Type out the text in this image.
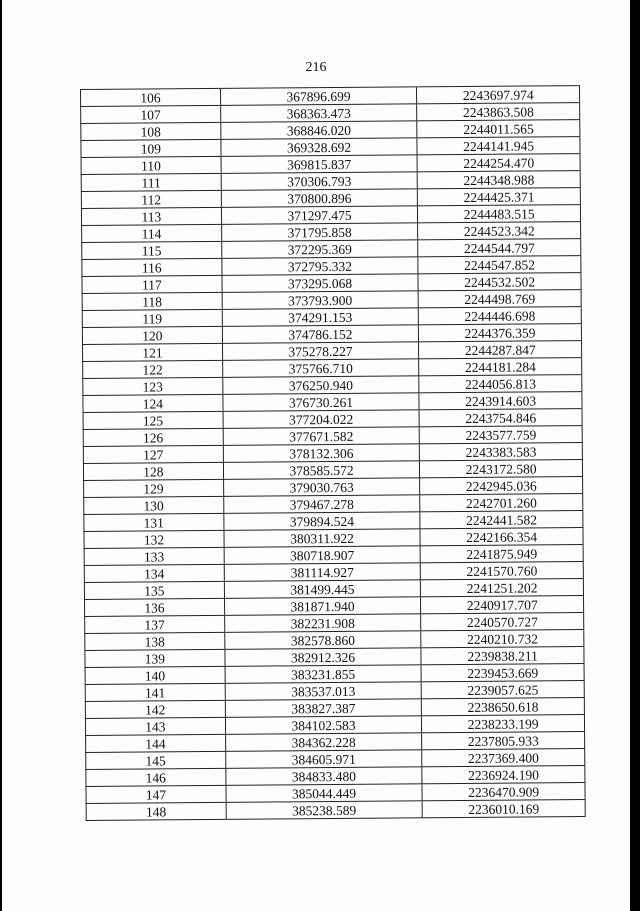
216
106	367896.699	2243697.974
107	368363.473	2243863.508
108	368846.020	2244011.565
109	369328.692	2244141.945
110	369815.837	2244254.470
111	370306.793	2244348.988
112	370800.896	2244425.371
113	371297.475	2244483.515
114	371795.858	2244523.342
115	372295.369	2244544.797
116	372795.332	2244547.852
117	373295.068	2244532.502
118	373793.900	2244498.769
119	374291.153	2244446.698
120	374786.152	2244376.359
121	375278.227	2244287.847
122	375766.710	2244181.284
123	376250.940	2244056.813
124	376730.261	2243914.603
125	377204.022	2243754.846
126	377671.582	2243577.759
127	378132.306	2243383.583
128	378585.572	2243172.580
129	379030.763	2242945.036
130	379467.278	2242701.260
131	379894.524	2242441.582
132	380311.922	2242166.354
133	380718.907	2241875.949
134	381114.927	2241570.760
135	381499.445	2241251.202
136	381871.940	2240917.707
137	382231.908	2240570.727
138	382578.860	2240210.732
139	382912.326	2239838.211
140	383231.855	2239453.669
141	383537.013	2239057.625
142	383827.387	2238650.618
143	384102.583	2238233.199
144	384362.228	2237805.933
145	384605.971	2237369.400
146	384833.480	2236924.190
147	385044.449	2236470.909
148	385238.589	2236010.169
